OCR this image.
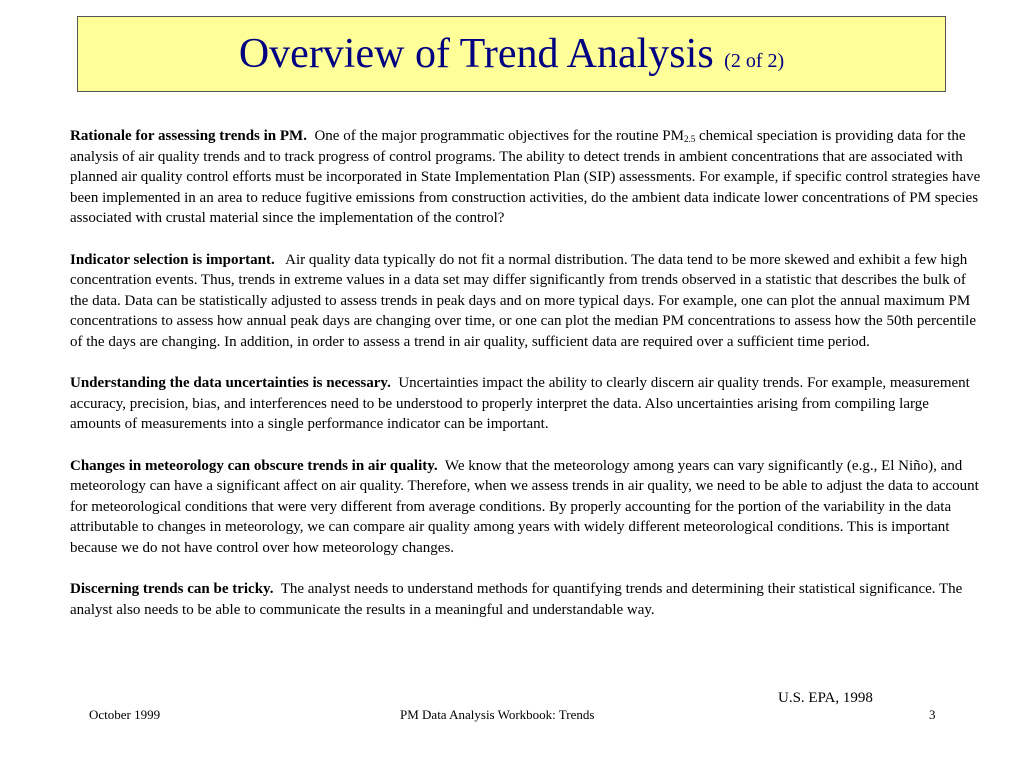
Overview of Trend Analysis (2 of 2)

Rationale for assessing trends in PM. One of the major programmatic objectives for the routine $PM_{2.5}$ chemical speciation is providing data for the analysis of air quality trends and to track progress of control programs. The ability to detect trends in ambient concentrations that are associated with planned air quality control efforts must be incorporated in State Implementation Plan (SIP) assessments. For example, if specific control strategies have been implemented in an area to reduce fugitive emissions from construction activities, do the ambient data indicate lower concentrations of PM species associated with crustal material since the implementation of the control?

Indicator selection is important. Air quality data typically do not fit a normal distribution. The data tend to be more skewed and exhibit a few high concentration events. Thus, trends in extreme values in a data set may differ significantly from trends observed in a statistic that describes the bulk of the data. Data can be statistically adjusted to assess trends in peak days and on more typical days. For example, one can plot the annual maximum PM concentrations to assess how annual peak days are changing over time, or one can plot the median PM concentrations to assess how the 50th percentile of the days are changing. In addition, in order to assess a trend in air quality, sufficient data are required over a sufficient time period.

Understanding the data uncertainties is necessary. Uncertainties impact the ability to clearly discern air quality trends. For example, measurement accuracy, precision, bias, and interferences need to be understood to properly interpret the data. Also uncertainties arising from compiling large amounts of measurements into a single performance indicator can be important.

Changes in meteorology can obscure trends in air quality. We know that the meteorology among years can vary significantly (e.g., El Niño), and meteorology can have a significant affect on air quality. Therefore, when we assess trends in air quality, we need to be able to adjust the data to account for meteorological conditions that were very different from average conditions. By properly accounting for the portion of the variability in the data attributable to changes in meteorology, we can compare air quality among years with widely different meteorological conditions. This is important because we do not have control over how meteorology changes.

Discerning trends can be tricky. The analyst needs to understand methods for quantifying trends and determining their statistical significance. The analyst also needs to be able to communicate the results in a meaningful and understandable way.

U.S. EPA, 1998
October 1999	PM Data Analysis Workbook: Trends	3
